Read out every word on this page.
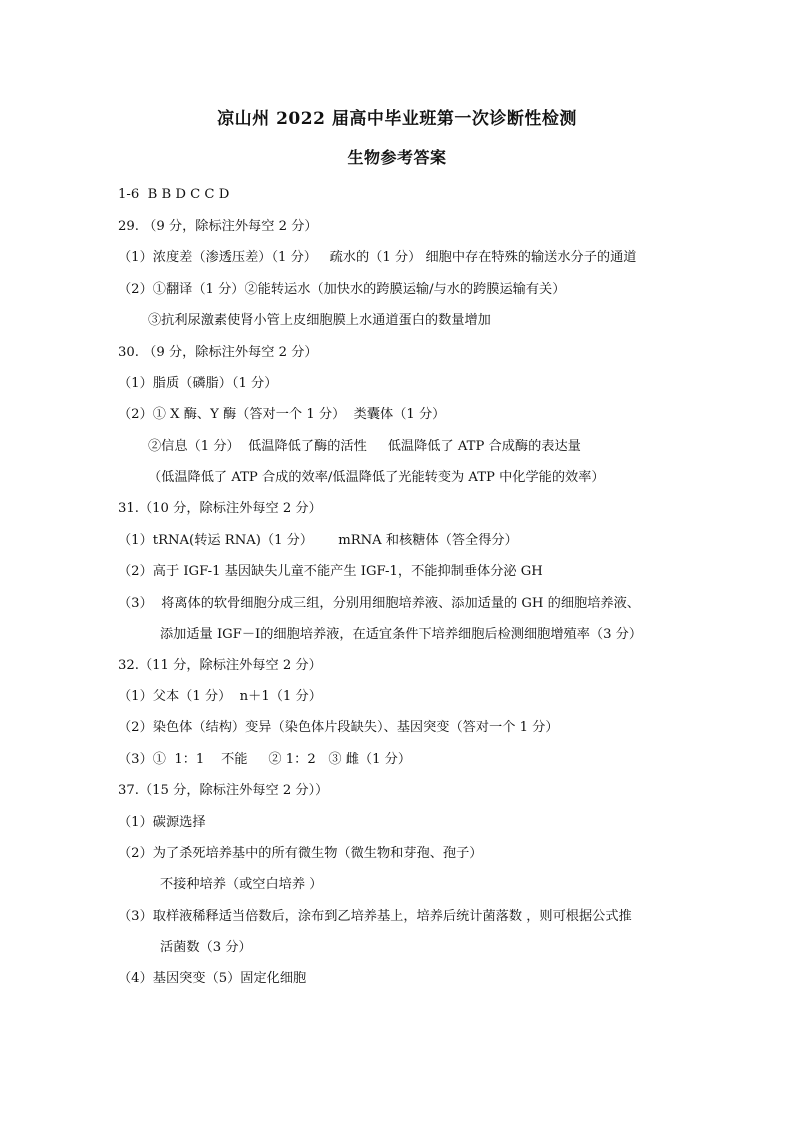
凉山州 2022 届高中毕业班第一次诊断性检测
生物参考答案
1-6  B B D C C D
29. （9 分，除标注外每空 2 分）
（1）浓度差（渗透压差）（1 分）   疏水的（1 分） 细胞中存在特殊的输送水分子的通道
（2）①翻译（1 分）②能转运水（加快水的跨膜运输/与水的跨膜运输有关）
③抗利尿激素使肾小管上皮细胞膜上水通道蛋白的数量增加
30. （9 分，除标注外每空 2 分）
（1）脂质（磷脂）（1 分）
（2）① X 酶、Y 酶（答对一个 1 分）  类囊体（1 分）
②信息（1 分）  低温降低了酶的活性     低温降低了 ATP 合成酶的表达量
（低温降低了 ATP 合成的效率/低温降低了光能转变为 ATP 中化学能的效率）
31.（10 分，除标注外每空 2 分）
（1）tRNA(转运 RNA)（1 分）      mRNA 和核糖体（答全得分）
（2）高于 IGF-1 基因缺失儿童不能产生 IGF-1，不能抑制垂体分泌 GH
（3）  将离体的软骨细胞分成三组，分别用细胞培养液、添加适量的 GH 的细胞培养液、
添加适量 IGF－Ⅰ的细胞培养液，在适宜条件下培养细胞后检测细胞增殖率（3 分）
32.（11 分，除标注外每空 2 分）
（1）父本（1 分）  n＋1（1 分）
（2）染色体（结构）变异（染色体片段缺失）、基因突变（答对一个 1 分）
（3）①  1：1    不能     ② 1：2   ③ 雌（1 分）
37.（15 分，除标注外每空 2 分））
（1）碳源选择
（2）为了杀死培养基中的所有微生物（微生物和芽孢、孢子）
不接种培养（或空白培养 ）
（3）取样液稀释适当倍数后，涂布到乙培养基上，培养后统计菌落数 ，则可根据公式推
活菌数（3 分）
（4）基因突变（5）固定化细胞
